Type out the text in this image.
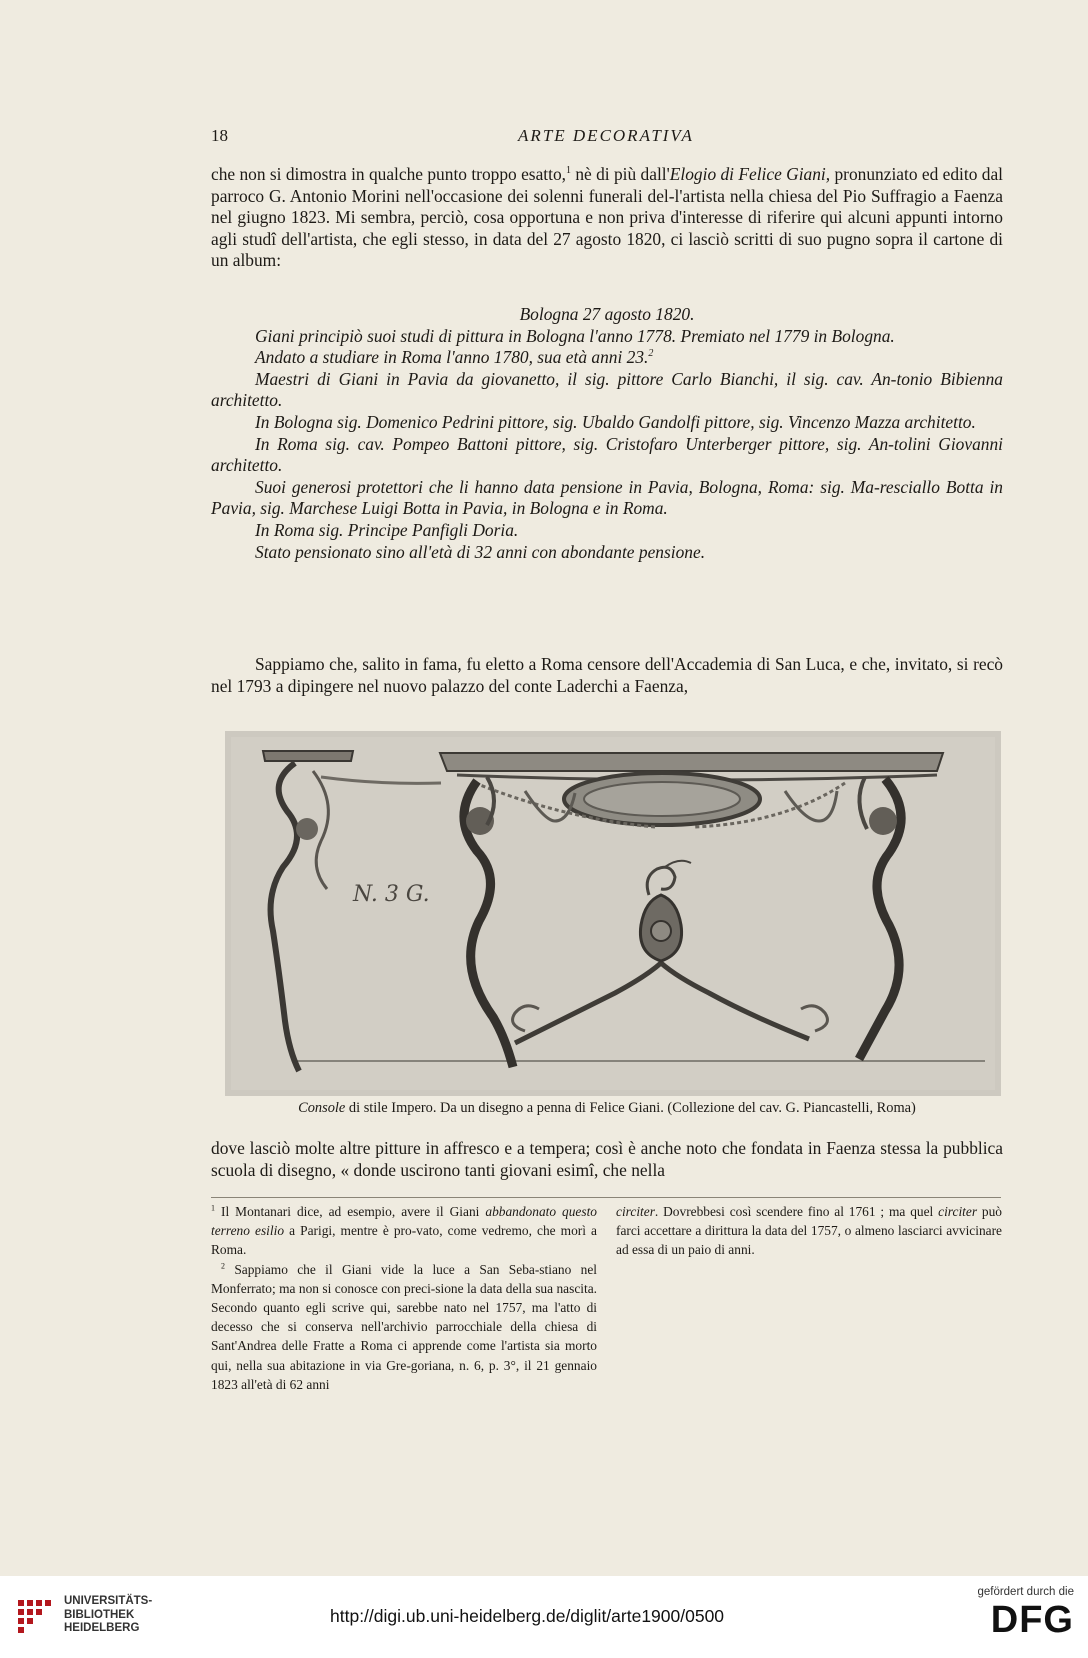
18	ARTE DECORATIVA

che non si dimostra in qualche punto troppo esatto,$^1$ nè di più dall'Elogio di Felice Giani, pronunziato ed edito dal parroco G. Antonio Morini nell'occasione dei solenni funerali del-l'artista nella chiesa del Pio Suffragio a Faenza nel giugno 1823. Mi sembra, perciò, cosa opportuna e non priva d'interesse di riferire qui alcuni appunti intorno agli studî dell'artista, che egli stesso, in data del 27 agosto 1820, ci lasciò scritti di suo pugno sopra il cartone di un album:

Bologna 27 agosto 1820.

Giani principiò suoi studi di pittura in Bologna l'anno 1778. Premiato nel 1779 in Bologna.

Andato a studiare in Roma l'anno 1780, sua età anni 23.$^2$

Maestri di Giani in Pavia da giovanetto, il sig. pittore Carlo Bianchi, il sig. cav. An-tonio Bibienna architetto.

In Bologna sig. Domenico Pedrini pittore, sig. Ubaldo Gandolfi pittore, sig. Vincenzo Mazza architetto.

In Roma sig. cav. Pompeo Battoni pittore, sig. Cristofaro Unterberger pittore, sig. An-tolini Giovanni architetto.

Suoi generosi protettori che li hanno data pensione in Pavia, Bologna, Roma: sig. Ma-resciallo Botta in Pavia, sig. Marchese Luigi Botta in Pavia, in Bologna e in Roma.

In Roma sig. Principe Panfigli Doria.

Stato pensionato sino all'età di 32 anni con abondante pensione.

Sappiamo che, salito in fama, fu eletto a Roma censore dell'Accademia di San Luca, e che, invitato, si recò nel 1793 a dipingere nel nuovo palazzo del conte Laderchi a Faenza,

N. 3 G.
Console di stile Impero. Da un disegno a penna di Felice Giani. (Collezione del cav. G. Piancastelli, Roma)

dove lasciò molte altre pitture in affresco e a tempera; così è anche noto che fondata in Faenza stessa la pubblica scuola di disegno, « donde uscirono tanti giovani esimî, che nella

$^1$ Il Montanari dice, ad esempio, avere il Giani abbandonato questo terreno esilio a Parigi, mentre è pro-vato, come vedremo, che morì a Roma.

$^2$ Sappiamo che il Giani vide la luce a San Seba-stiano nel Monferrato; ma non si conosce con preci-sione la data della sua nascita. Secondo quanto egli scrive qui, sarebbe nato nel 1757, ma l'atto di decesso che si conserva nell'archivio parrocchiale della chiesa di Sant'Andrea delle Fratte a Roma ci apprende come l'artista sia morto qui, nella sua abitazione in via Gre-goriana, n. 6, p. 3°, il 21 gennaio 1823 all'età di 62 anni

circiter. Dovrebbesi così scendere fino al 1761 ; ma quel circiter può farci accettare a dirittura la data del 1757, o almeno lasciarci avvicinare ad essa di un paio di anni.

UNIVERSITÄTS-
BIBLIOTHEK
HEIDELBERG
http://digi.ub.uni-heidelberg.de/diglit/arte1900/0500
gefördert durch die
DFG
